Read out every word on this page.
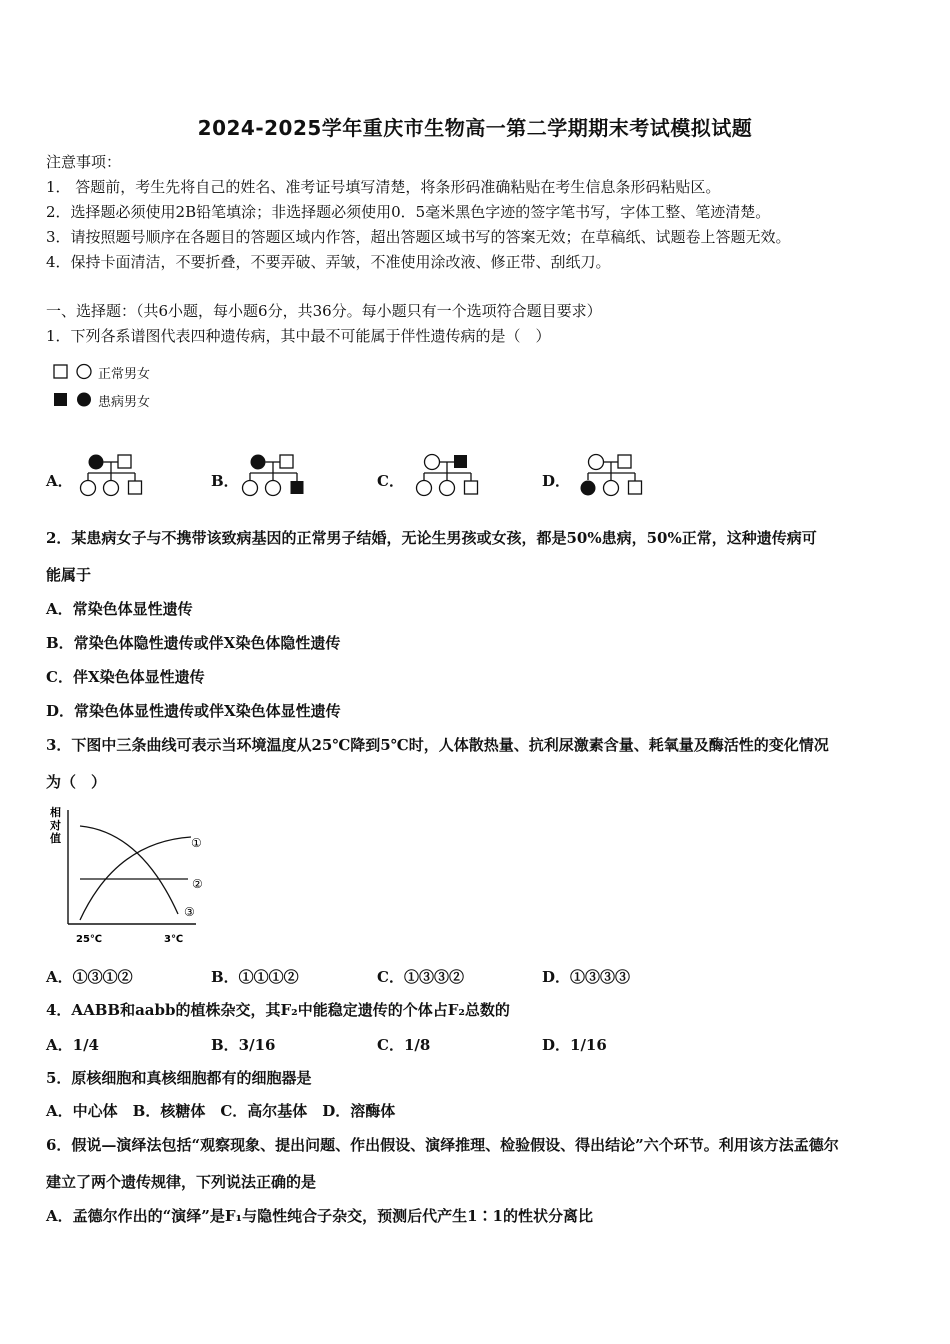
2024-2025学年重庆市生物高一第二学期期末考试模拟试题
注意事项：
1． 答题前，考生先将自己的姓名、准考证号填写清楚，将条形码准确粘贴在考生信息条形码粘贴区。
2．选择题必须使用2B铅笔填涂；非选择题必须使用0．5毫米黑色字迹的签字笔书写，字体工整、笔迹清楚。
3．请按照题号顺序在各题目的答题区域内作答，超出答题区域书写的答案无效；在草稿纸、试题卷上答题无效。
4．保持卡面清洁，不要折叠，不要弄破、弄皱，不准使用涂改液、修正带、刮纸刀。
一、选择题：（共6小题，每小题6分，共36分。每小题只有一个选项符合题目要求）
1．下列各系谱图代表四种遗传病，其中最不可能属于伴性遗传病的是（　）
正常男女
患病男女
A．	B．	C．	D．
2．某患病女子与不携带该致病基因的正常男子结婚，无论生男孩或女孩，都是50%患病，50%正常，这种遗传病可
能属于
A．常染色体显性遗传
B．常染色体隐性遗传或伴X染色体隐性遗传
C．伴X染色体显性遗传
D．常染色体显性遗传或伴X染色体显性遗传
3．下图中三条曲线可表示当环境温度从25℃降到5℃时，人体散热量、抗利尿激素含量、耗氧量及酶活性的变化情况
为（　）
相
对
值	①
②
③
25℃	3℃
A．①③①②	B．①①①②	C．①③③②	D．①③③③
4．AABB和aabb的植株杂交，其F₂中能稳定遗传的个体占F₂总数的
A．1/4	B．3/16	C．1/8	D．1/16
5．原核细胞和真核细胞都有的细胞器是
A．中心体　B．核糖体　C．高尔基体　D．溶酶体
6．假说—演绎法包括“观察现象、提出问题、作出假设、演绎推理、检验假设、得出结论”六个环节。利用该方法孟德尔
建立了两个遗传规律，下列说法正确的是
A．孟德尔作出的“演绎”是F₁与隐性纯合子杂交，预测后代产生1∶1的性状分离比
